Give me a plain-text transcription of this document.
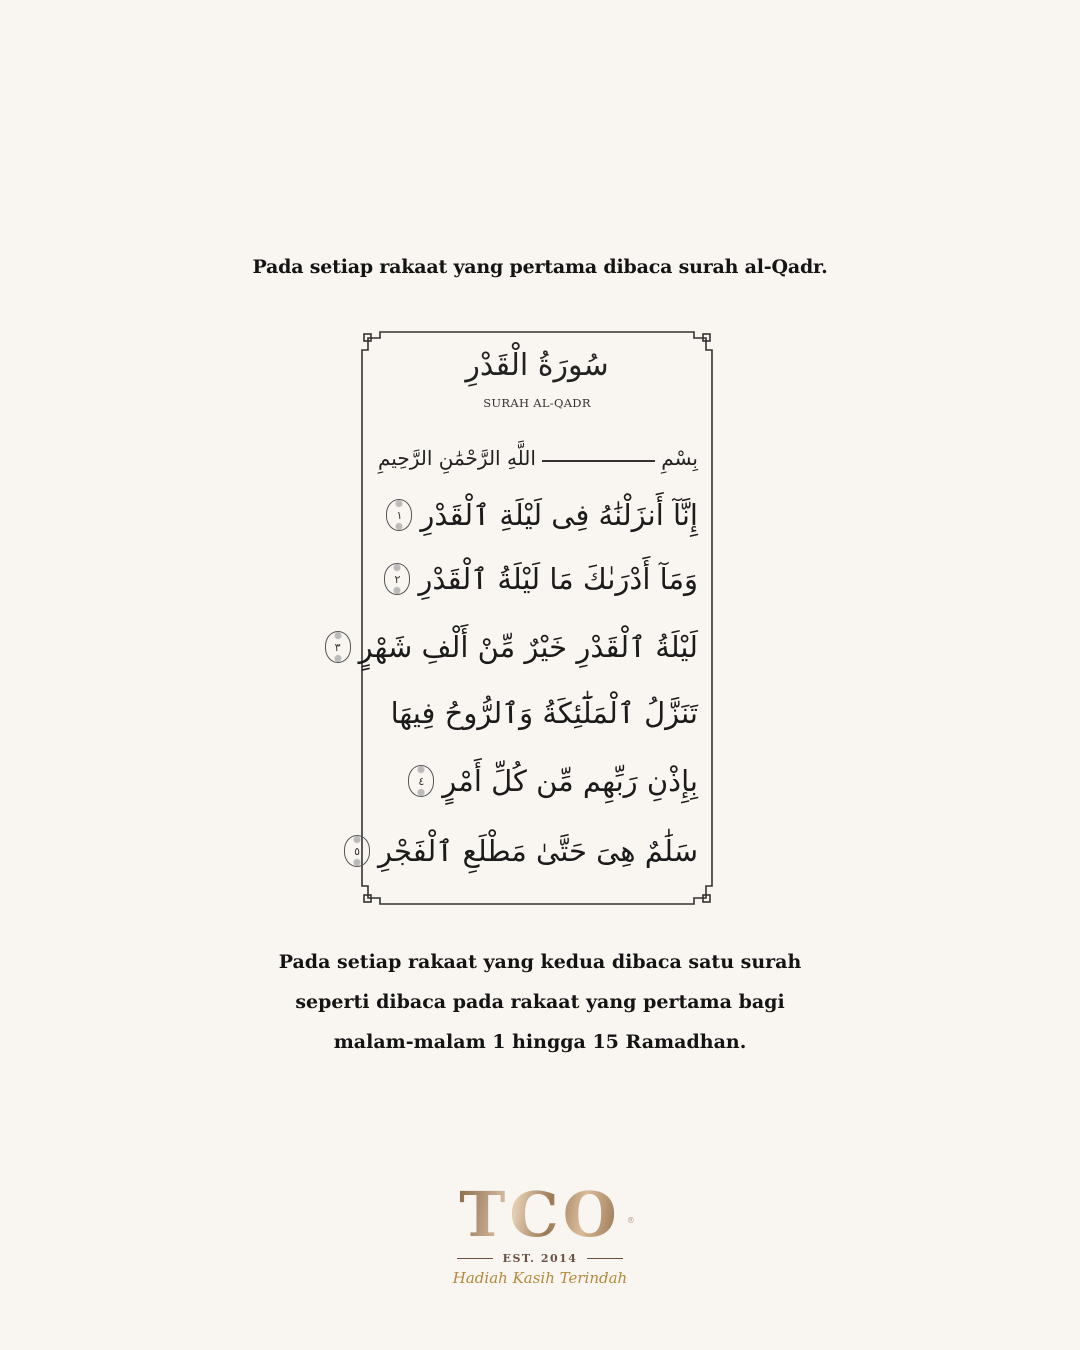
Pada setiap rakaat yang pertama dibaca surah al-Qadr.
سُورَةُ الْقَدْرِ
SURAH AL-QADR
بِسْمِ
اللَّهِ الرَّحْمَٰنِ الرَّحِيمِ
إِنَّآ أَنزَلْنَٰهُ فِى لَيْلَةِ ٱلْقَدْرِ
١
وَمَآ أَدْرَىٰكَ مَا لَيْلَةُ ٱلْقَدْرِ
٢
لَيْلَةُ ٱلْقَدْرِ خَيْرٌ مِّنْ أَلْفِ شَهْرٍ
٣
تَنَزَّلُ ٱلْمَلَٰٓئِكَةُ وَٱلرُّوحُ فِيهَا
بِإِذْنِ رَبِّهِم مِّن كُلِّ أَمْرٍ
٤
سَلَٰمٌ هِىَ حَتَّىٰ مَطْلَعِ ٱلْفَجْرِ
٥
Pada setiap rakaat yang kedua dibaca satu surah
seperti dibaca pada rakaat yang pertama bagi
malam-malam 1 hingga 15 Ramadhan.
TCO ®
EST. 2014
Hadiah Kasih Terindah
